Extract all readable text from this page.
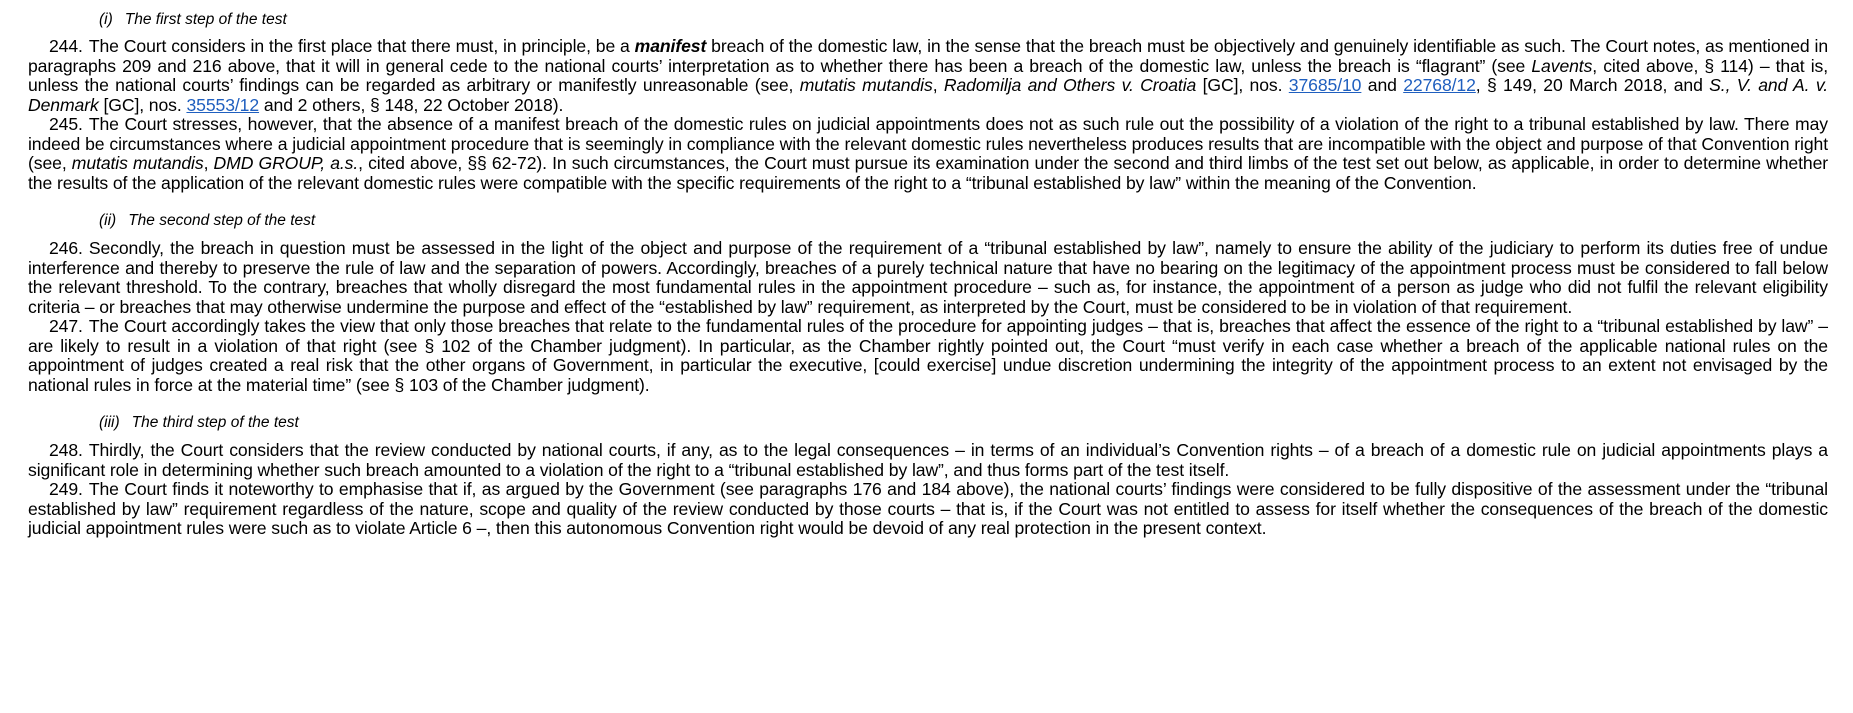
(i) The first step of the test

244. The Court considers in the first place that there must, in principle, be a manifest breach of the domestic law, in the sense that the breach must be objectively and genuinely identifiable as such. The Court notes, as mentioned in paragraphs 209 and 216 above, that it will in general cede to the national courts’ interpretation as to whether there has been a breach of the domestic law, unless the breach is “flagrant” (see Lavents, cited above, § 114) – that is, unless the national courts’ findings can be regarded as arbitrary or manifestly unreasonable (see, mutatis mutandis, Radomilja and Others v. Croatia [GC], nos. 37685/10 and 22768/12, § 149, 20 March 2018, and S., V. and A. v. Denmark [GC], nos. 35553/12 and 2 others, § 148, 22 October 2018).

245. The Court stresses, however, that the absence of a manifest breach of the domestic rules on judicial appointments does not as such rule out the possibility of a violation of the right to a tribunal established by law. There may indeed be circumstances where a judicial appointment procedure that is seemingly in compliance with the relevant domestic rules nevertheless produces results that are incompatible with the object and purpose of that Convention right (see, mutatis mutandis, DMD GROUP, a.s., cited above, §§ 62-72). In such circumstances, the Court must pursue its examination under the second and third limbs of the test set out below, as applicable, in order to determine whether the results of the application of the relevant domestic rules were compatible with the specific requirements of the right to a “tribunal established by law” within the meaning of the Convention.

(ii) The second step of the test

246. Secondly, the breach in question must be assessed in the light of the object and purpose of the requirement of a “tribunal established by law”, namely to ensure the ability of the judiciary to perform its duties free of undue interference and thereby to preserve the rule of law and the separation of powers. Accordingly, breaches of a purely technical nature that have no bearing on the legitimacy of the appointment process must be considered to fall below the relevant threshold. To the contrary, breaches that wholly disregard the most fundamental rules in the appointment procedure – such as, for instance, the appointment of a person as judge who did not fulfil the relevant eligibility criteria – or breaches that may otherwise undermine the purpose and effect of the “established by law” requirement, as interpreted by the Court, must be considered to be in violation of that requirement.

247. The Court accordingly takes the view that only those breaches that relate to the fundamental rules of the procedure for appointing judges – that is, breaches that affect the essence of the right to a “tribunal established by law” – are likely to result in a violation of that right (see § 102 of the Chamber judgment). In particular, as the Chamber rightly pointed out, the Court “must verify in each case whether a breach of the applicable national rules on the appointment of judges created a real risk that the other organs of Government, in particular the executive, [could exercise] undue discretion undermining the integrity of the appointment process to an extent not envisaged by the national rules in force at the material time” (see § 103 of the Chamber judgment).

(iii) The third step of the test

248. Thirdly, the Court considers that the review conducted by national courts, if any, as to the legal consequences – in terms of an individual’s Convention rights – of a breach of a domestic rule on judicial appointments plays a significant role in determining whether such breach amounted to a violation of the right to a “tribunal established by law”, and thus forms part of the test itself.

249. The Court finds it noteworthy to emphasise that if, as argued by the Government (see paragraphs 176 and 184 above), the national courts’ findings were considered to be fully dispositive of the assessment under the “tribunal established by law” requirement regardless of the nature, scope and quality of the review conducted by those courts – that is, if the Court was not entitled to assess for itself whether the consequences of the breach of the domestic judicial appointment rules were such as to violate Article 6 –, then this autonomous Convention right would be devoid of any real protection in the present context.
